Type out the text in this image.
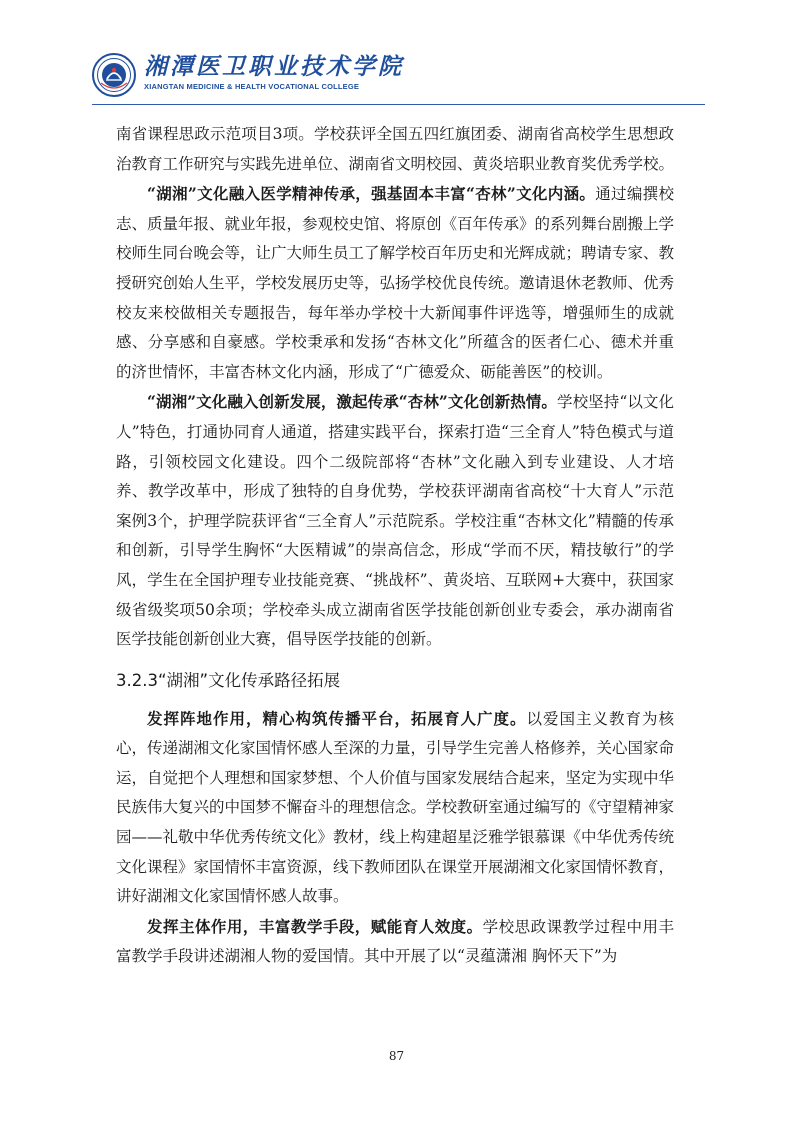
湘潭医卫职业技术学院
XIANGTAN MEDICINE & HEALTH VOCATIONAL COLLEGE

南省课程思政示范项目3项。学校获评全国五四红旗团委、湖南省高校学生思想政治教育工作研究与实践先进单位、湖南省文明校园、黄炎培职业教育奖优秀学校。

“湖湘”文化融入医学精神传承，强基固本丰富“杏林”文化内涵。通过编撰校志、质量年报、就业年报，参观校史馆、将原创《百年传承》的系列舞台剧搬上学校师生同台晚会等，让广大师生员工了解学校百年历史和光辉成就；聘请专家、教授研究创始人生平，学校发展历史等，弘扬学校优良传统。邀请退休老教师、优秀校友来校做相关专题报告，每年举办学校十大新闻事件评选等，增强师生的成就感、分享感和自豪感。学校秉承和发扬“杏林文化”所蕴含的医者仁心、德术并重的济世情怀，丰富杏林文化内涵，形成了“广德爱众、砺能善医”的校训。

“湖湘”文化融入创新发展，激起传承“杏林”文化创新热情。学校坚持“以文化人”特色，打通协同育人通道，搭建实践平台，探索打造“三全育人”特色模式与道路，引领校园文化建设。四个二级院部将“杏林”文化融入到专业建设、人才培养、教学改革中，形成了独特的自身优势，学校获评湖南省高校“十大育人”示范案例3个，护理学院获评省“三全育人”示范院系。学校注重“杏林文化”精髓的传承和创新，引导学生胸怀“大医精诚”的崇高信念，形成“学而不厌，精技敏行”的学风，学生在全国护理专业技能竞赛、“挑战杯”、黄炎培、互联网+大赛中，获国家级省级奖项50余项；学校牵头成立湖南省医学技能创新创业专委会，承办湖南省医学技能创新创业大赛，倡导医学技能的创新。

3.2.3“湖湘”文化传承路径拓展

发挥阵地作用，精心构筑传播平台，拓展育人广度。以爱国主义教育为核心，传递湖湘文化家国情怀感人至深的力量，引导学生完善人格修养，关心国家命运，自觉把个人理想和国家梦想、个人价值与国家发展结合起来，坚定为实现中华民族伟大复兴的中国梦不懈奋斗的理想信念。学校教研室通过编写的《守望精神家园——礼敬中华优秀传统文化》教材，线上构建超星泛雅学银慕课《中华优秀传统文化课程》家国情怀丰富资源，线下教师团队在课堂开展湖湘文化家国情怀教育，讲好湖湘文化家国情怀感人故事。

发挥主体作用，丰富教学手段，赋能育人效度。学校思政课教学过程中用丰富教学手段讲述湖湘人物的爱国情。其中开展了以“灵蕴潇湘 胸怀天下”为

87
